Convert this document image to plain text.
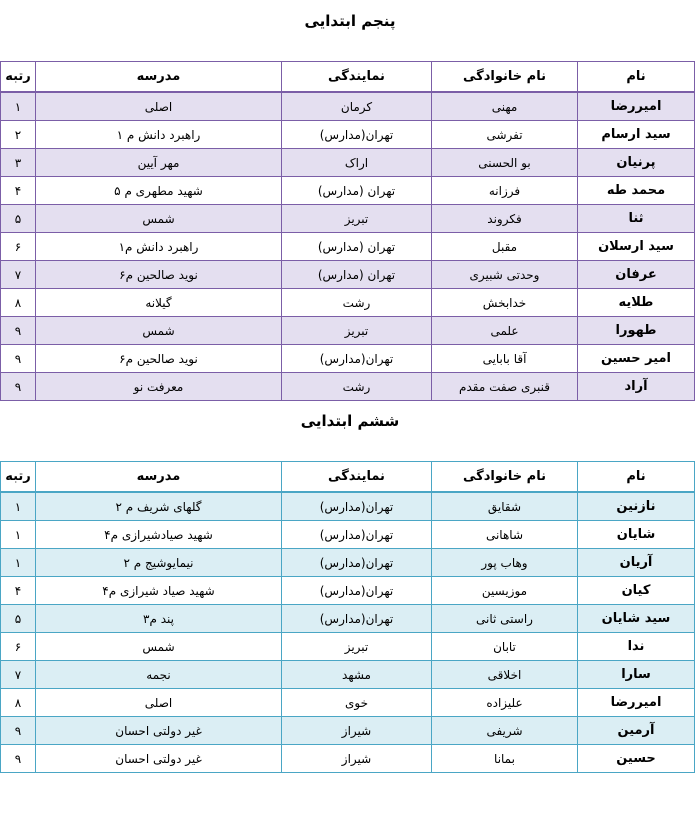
پنجم ابتدایی
نام	نام خانوادگی	نمایندگی	مدرسه	رتبه
امیررضا	مهنی	کرمان	اصلی	۱
سید ارسام	تفرشی	تهران(مدارس)	راهبرد دانش م ۱	۲
پرنیان	بو الحسنی	اراک	مهر آیین	۳
محمد طه	فرزانه	تهران (مدارس)	شهید مطهری م ۵	۴
ثنا	فکروند	تبریز	شمس	۵
سید ارسلان	مقبل	تهران (مدارس)	راهبرد دانش م۱	۶
عرفان	وحدتی شبیری	تهران (مدارس)	نوید صالحین م۶	۷
طلایه	خدابخش	رشت	گیلانه	۸
طهورا	علمی	تبریز	شمس	۹
امیر حسین	آقا بابایی	تهران(مدارس)	نوید صالحین م۶	۹
آراد	قنبری صفت مقدم	رشت	معرفت نو	۹
ششم ابتدایی
نام	نام خانوادگی	نمایندگی	مدرسه	رتبه
نازنین	شقایق	تهران(مدارس)	گلهای شریف م ۲	۱
شایان	شاهانی	تهران(مدارس)	شهید صیادشیرازی م۴	۱
آریان	وهاب پور	تهران(مدارس)	نیمایوشیج م ۲	۱
کیان	موزیسین	تهران(مدارس)	شهید صیاد شیرازی م۴	۴
سید شایان	راستی ثانی	تهران(مدارس)	پند م۳	۵
ندا	تابان	تبریز	شمس	۶
سارا	اخلاقی	مشهد	نجمه	۷
امیررضا	علیزاده	خوی	اصلی	۸
آرمین	شریفی	شیراز	غیر دولتی احسان	۹
حسین	بمانا	شیراز	غیر دولتی احسان	۹
